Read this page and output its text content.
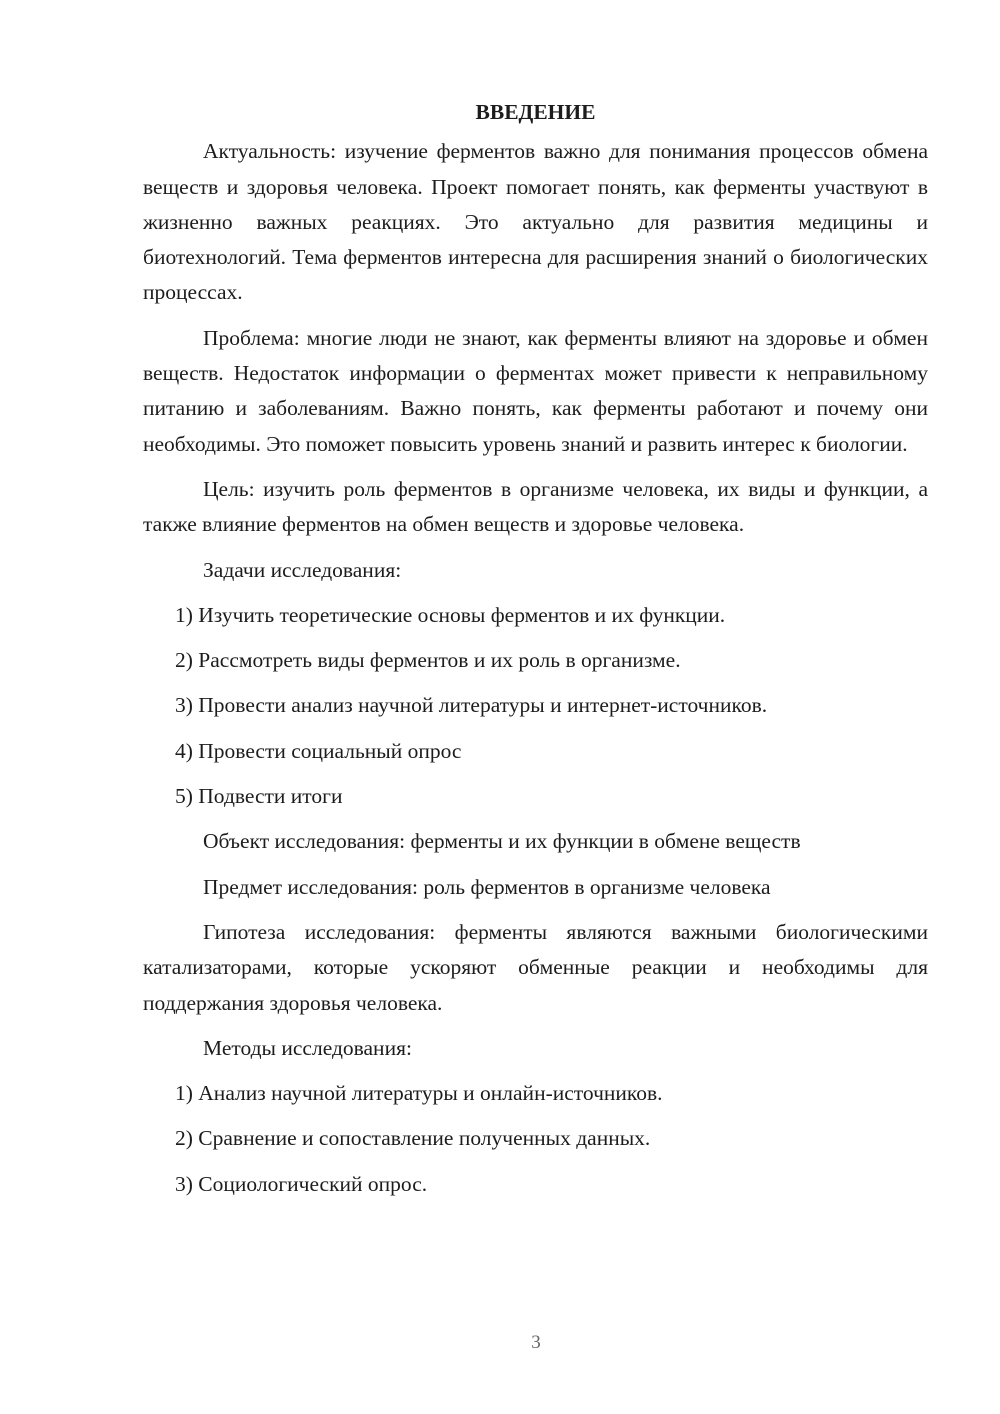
ВВЕДЕНИЕ

Актуальность: изучение ферментов важно для понимания процессов обмена веществ и здоровья человека. Проект помогает понять, как ферменты участвуют в жизненно важных реакциях. Это актуально для развития медицины и биотехнологий. Тема ферментов интересна для расширения знаний о биологических процессах.

Проблема: многие люди не знают, как ферменты влияют на здоровье и обмен веществ. Недостаток информации о ферментах может привести к неправильному питанию и заболеваниям. Важно понять, как ферменты работают и почему они необходимы. Это поможет повысить уровень знаний и развить интерес к биологии.

Цель: изучить роль ферментов в организме человека, их виды и функции, а также влияние ферментов на обмен веществ и здоровье человека.

Задачи исследования:
1) Изучить теоретические основы ферментов и их функции.
2) Рассмотреть виды ферментов и их роль в организме.
3) Провести анализ научной литературы и интернет-источников.
4) Провести социальный опрос
5) Подвести итоги
Объект исследования: ферменты и их функции в обмене веществ
Предмет исследования: роль ферментов в организме человека

Гипотеза исследования: ферменты являются важными биологическими катализаторами, которые ускоряют обменные реакции и необходимы для поддержания здоровья человека.

Методы исследования:
1) Анализ научной литературы и онлайн-источников.
2) Сравнение и сопоставление полученных данных.
3) Социологический опрос.
3
